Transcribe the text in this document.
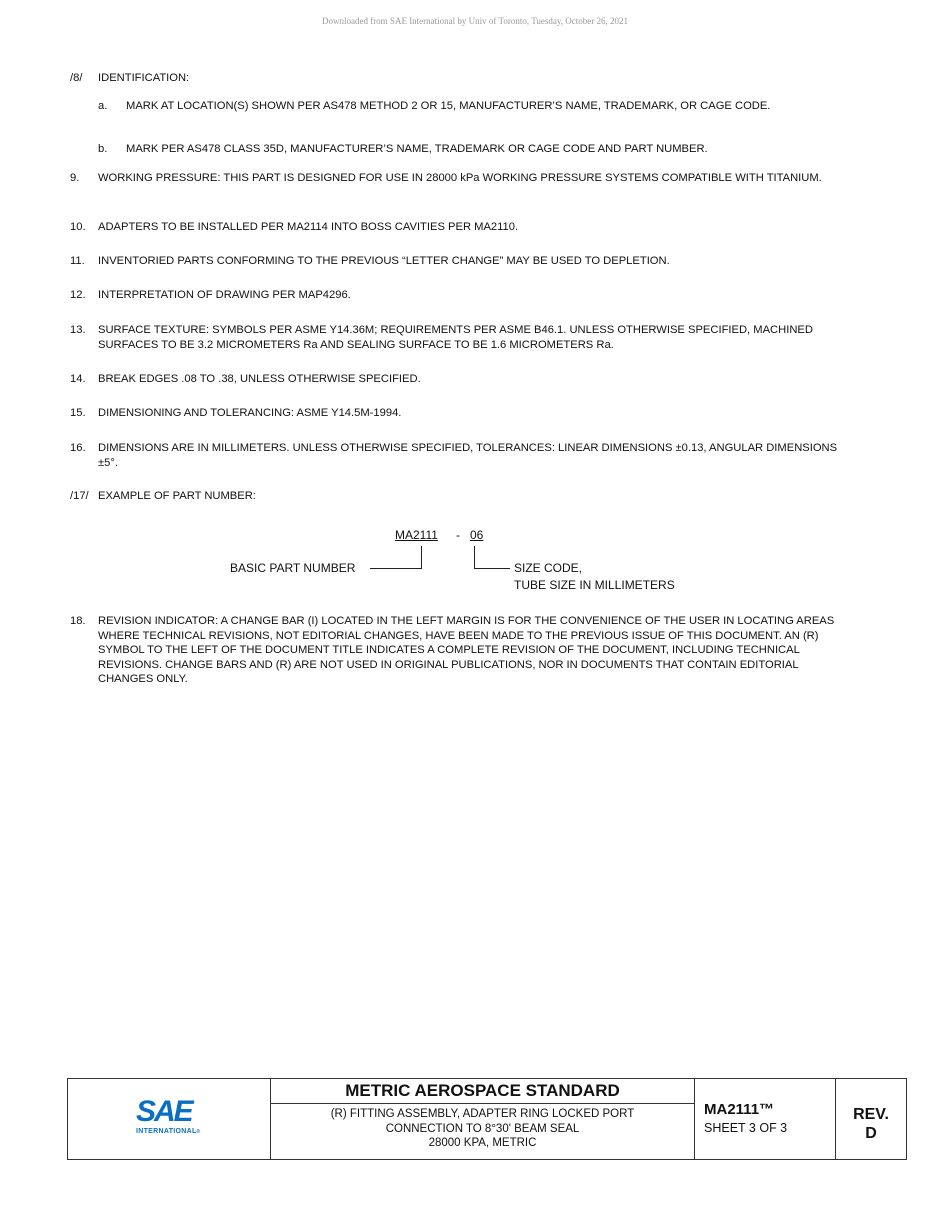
Downloaded from SAE International by Univ of Toronto, Tuesday, October 26, 2021
/8/ IDENTIFICATION:
a. MARK AT LOCATION(S) SHOWN PER AS478 METHOD 2 OR 15, MANUFACTURER’S NAME, TRADEMARK, OR CAGE CODE.
b. MARK PER AS478 CLASS 35D, MANUFACTURER’S NAME, TRADEMARK OR CAGE CODE AND PART NUMBER.
9. WORKING PRESSURE: THIS PART IS DESIGNED FOR USE IN 28000 kPa WORKING PRESSURE SYSTEMS COMPATIBLE WITH TITANIUM.
10. ADAPTERS TO BE INSTALLED PER MA2114 INTO BOSS CAVITIES PER MA2110.
11. INVENTORIED PARTS CONFORMING TO THE PREVIOUS “LETTER CHANGE” MAY BE USED TO DEPLETION.
12. INTERPRETATION OF DRAWING PER MAP4296.
13. SURFACE TEXTURE: SYMBOLS PER ASME Y14.36M; REQUIREMENTS PER ASME B46.1. UNLESS OTHERWISE SPECIFIED, MACHINED SURFACES TO BE 3.2 MICROMETERS Ra AND SEALING SURFACE TO BE 1.6 MICROMETERS Ra.
14. BREAK EDGES .08 TO .38, UNLESS OTHERWISE SPECIFIED.
15. DIMENSIONING AND TOLERANCING: ASME Y14.5M-1994.
16. DIMENSIONS ARE IN MILLIMETERS. UNLESS OTHERWISE SPECIFIED, TOLERANCES: LINEAR DIMENSIONS ±0.13, ANGULAR DIMENSIONS ±5°.
/17/ EXAMPLE OF PART NUMBER:
MA2111 - 06
BASIC PART NUMBER	SIZE CODE,
TUBE SIZE IN MILLIMETERS
18. REVISION INDICATOR: A CHANGE BAR (I) LOCATED IN THE LEFT MARGIN IS FOR THE CONVENIENCE OF THE USER IN LOCATING AREAS WHERE TECHNICAL REVISIONS, NOT EDITORIAL CHANGES, HAVE BEEN MADE TO THE PREVIOUS ISSUE OF THIS DOCUMENT. AN (R) SYMBOL TO THE LEFT OF THE DOCUMENT TITLE INDICATES A COMPLETE REVISION OF THE DOCUMENT, INCLUDING TECHNICAL REVISIONS. CHANGE BARS AND (R) ARE NOT USED IN ORIGINAL PUBLICATIONS, NOR IN DOCUMENTS THAT CONTAIN EDITORIAL CHANGES ONLY.
SAE
INTERNATIONAL®
METRIC AEROSPACE STANDARD
(R) FITTING ASSEMBLY, ADAPTER RING LOCKED PORT
CONNECTION TO 8°30' BEAM SEAL
28000 KPA, METRIC
MA2111™
SHEET 3 OF 3
REV.
D
